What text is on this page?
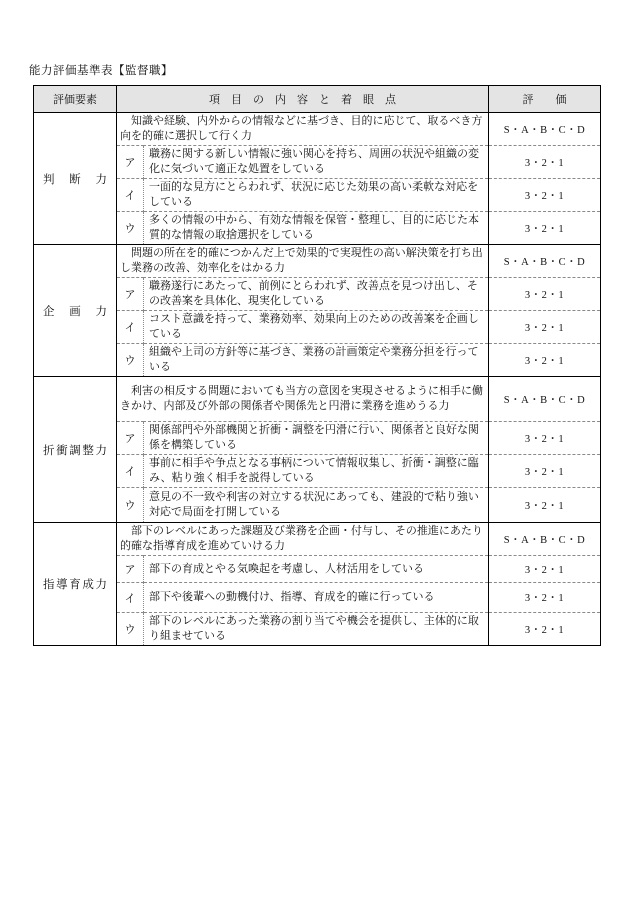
能力評価基準表【監督職】
評価要素	項　目　の　内　容　と　着　眼　点		評　　価
判断力	知識や経験、内外からの情報などに基づき、目的に応じて、取るべき方向を的確に選択して行く力		S・A・B・C・D
	ア	職務に関する新しい情報に強い関心を持ち、周囲の状況や組織の変化に気づいて適正な処置をしている	3・2・1
	イ	一面的な見方にとらわれず、状況に応じた効果の高い柔軟な対応をしている	3・2・1
	ウ	多くの情報の中から、有効な情報を保管・整理し、目的に応じた本質的な情報の取捨選択をしている	3・2・1
企画力	問題の所在を的確につかんだ上で効果的で実現性の高い解決策を打ち出し業務の改善、効率化をはかる力		S・A・B・C・D
	ア	職務遂行にあたって、前例にとらわれず、改善点を見つけ出し、その改善案を具体化、現実化している	3・2・1
	イ	コスト意識を持って、業務効率、効果向上のための改善案を企画している	3・2・1
	ウ	組織や上司の方針等に基づき、業務の計画策定や業務分担を行っている	3・2・1
折衝調整力	利害の相反する問題においても当方の意図を実現させるように相手に働きかけ、内部及び外部の関係者や関係先と円滑に業務を進めうる力		S・A・B・C・D
	ア	関係部門や外部機関と折衝・調整を円滑に行い、関係者と良好な関係を構築している	3・2・1
	イ	事前に相手や争点となる事柄について情報収集し、折衝・調整に臨み、粘り強く相手を説得している	3・2・1
	ウ	意見の不一致や利害の対立する状況にあっても、建設的で粘り強い対応で局面を打開している	3・2・1
指導育成力	部下のレベルにあった課題及び業務を企画・付与し、その推進にあたり的確な指導育成を進めていける力		S・A・B・C・D
	ア	部下の育成とやる気喚起を考慮し、人材活用をしている	3・2・1
	イ	部下や後輩への動機付け、指導、育成を的確に行っている	3・2・1
	ウ	部下のレベルにあった業務の割り当てや機会を提供し、主体的に取り組ませている	3・2・1
